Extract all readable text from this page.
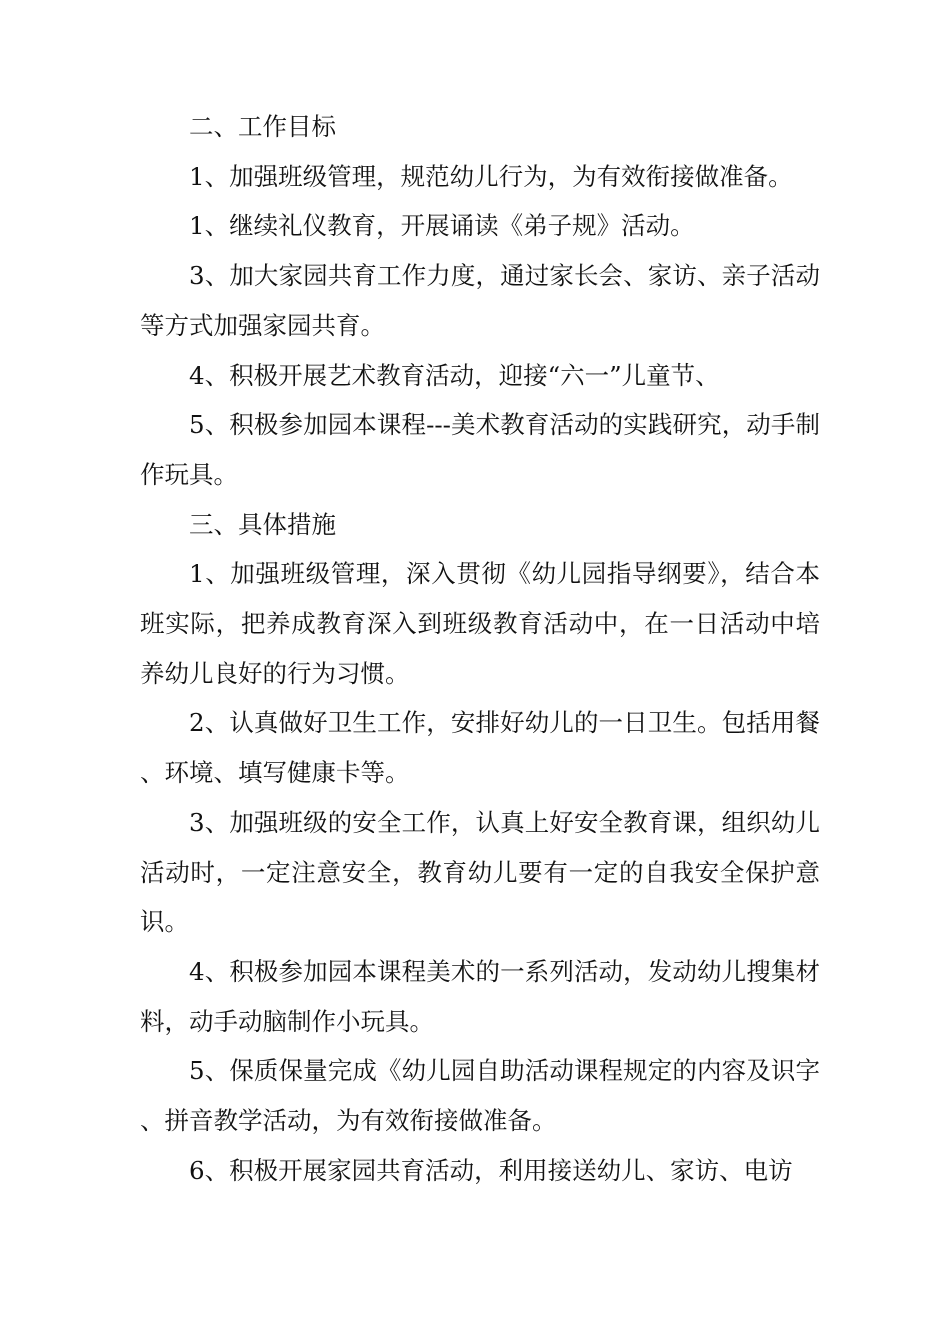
二、工作目标

1、加强班级管理，规范幼儿行为，为有效衔接做准备。

1、继续礼仪教育，开展诵读《弟子规》活动。

3、加大家园共育工作力度，通过家长会、家访、亲子活动等方式加强家园共育。

4、积极开展艺术教育活动，迎接“六一”儿童节、

5、积极参加园本课程---美术教育活动的实践研究，动手制作玩具。

三、具体措施

1、加强班级管理，深入贯彻《幼儿园指导纲要》，结合本班实际，把养成教育深入到班级教育活动中，在一日活动中培养幼儿良好的行为习惯。

2、认真做好卫生工作，安排好幼儿的一日卫生。包括用餐、环境、填写健康卡等。

3、加强班级的安全工作，认真上好安全教育课，组织幼儿活动时，一定注意安全，教育幼儿要有一定的自我安全保护意识。

4、积极参加园本课程美术的一系列活动，发动幼儿搜集材料，动手动脑制作小玩具。

5、保质保量完成《幼儿园自助活动课程规定的内容及识字、拼音教学活动，为有效衔接做准备。

6、积极开展家园共育活动，利用接送幼儿、家访、电访
